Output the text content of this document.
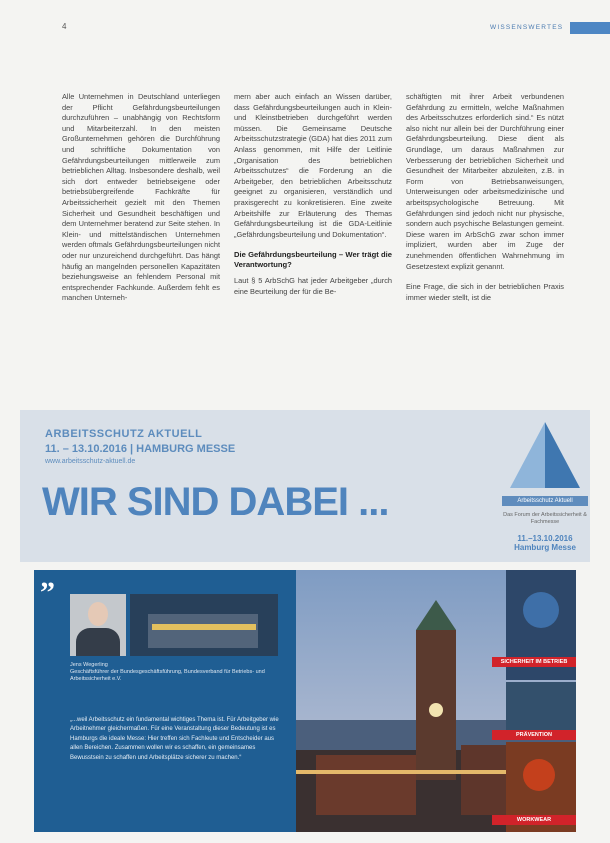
4	WISSENSWERTES

Alle Unternehmen in Deutschland unterliegen der Pflicht Gefährdungsbeurteilungen durchzuführen – unabhängig von Rechtsform und Mitarbeiterzahl. In den meisten Großunternehmen gehören die Durchführung und schriftliche Dokumentation von Gefährdungsbeurteilungen mittlerweile zum betrieblichen Alltag. Insbesondere deshalb, weil sich dort entweder betriebseigene oder betriebsübergreifende Fachkräfte für Arbeitssicherheit gezielt mit den Themen Sicherheit und Gesundheit beschäftigen und dem Unternehmer beratend zur Seite stehen. In Klein- und mittelständischen Unternehmen werden oftmals Gefährdungsbeurteilungen nicht oder nur unzureichend durchgeführt. Das hängt häufig an mangelnden personellen Kapazitäten beziehungsweise an fehlendem Personal mit entsprechender Fachkunde. Außerdem fehlt es manchen Unterneh-

mern aber auch einfach an Wissen darüber, dass Gefährdungsbeurteilungen auch in Klein- und Kleinstbetrieben durchgeführt werden müssen. Die Gemeinsame Deutsche Arbeitsschutzstrategie (GDA) hat dies 2011 zum Anlass genommen, mit Hilfe der Leitlinie „Organisation des betrieblichen Arbeitsschutzes“ die Forderung an die Arbeitgeber, den betrieblichen Arbeitsschutz geeignet zu organisieren, verständlich und praxisgerecht zu konkretisieren. Eine zweite Arbeitshilfe zur Erläuterung des Themas Gefährdungsbeurteilung ist die GDA-Leitlinie „Gefährdungsbeurteilung und Dokumentation“.

Die Gefährdungsbeurteilung – Wer trägt die Verantwortung?

Laut § 5 ArbSchG hat jeder Arbeitgeber „durch eine Beurteilung der für die Be-

schäftigten mit ihrer Arbeit verbundenen Gefährdung zu ermitteln, welche Maßnahmen des Arbeitsschutzes erforderlich sind.“ Es nützt also nicht nur allein bei der Durchführung einer Gefährdungsbeurteilung. Diese dient als Grundlage, um daraus Maßnahmen zur Verbesserung der betrieblichen Sicherheit und Gesundheit der Mitarbeiter abzuleiten, z.B. in Form von Betriebsanweisungen, Unterweisungen oder arbeitsmedizinische und arbeitspsychologische Betreuung. Mit Gefährdungen sind jedoch nicht nur physische, sondern auch psychische Belastungen gemeint. Diese waren im ArbSchG zwar schon immer impliziert, wurden aber im Zuge der zunehmenden öffentlichen Wahrnehmung im Gesetzestext explizit genannt.

Eine Frage, die sich in der betrieblichen Praxis immer wieder stellt, ist die

ARBEITSSCHUTZ AKTUELL
11. – 13.10.2016 | HAMBURG MESSE
www.arbeitsschutz-aktuell.de
WIR SIND DABEI ...	Arbeitsschutz Aktuell
Das Forum der Arbeitssicherheit & Fachmesse
11.–13.10.2016
Hamburg Messe
”
Jens Wegerling
Geschäftsführer der Bundesgeschäftsführung, Bundesverband für Betriebs- und Arbeitssicherheit e.V.
„...weil Arbeitsschutz ein fundamental wichtiges Thema ist. Für Arbeitgeber wie Arbeitnehmer gleichermaßen. Für eine Veranstaltung dieser Bedeutung ist es Hamburgs die ideale Messe: Hier treffen sich Fachleute und Entscheider aus allen Bereichen. Zusammen wollen wir es schaffen, ein gemeinsames Bewusstsein zu schaffen und Arbeitsplätze sicherer zu machen.“
SICHERHEIT IM BETRIEB
PRÄVENTION
WORKWEAR
